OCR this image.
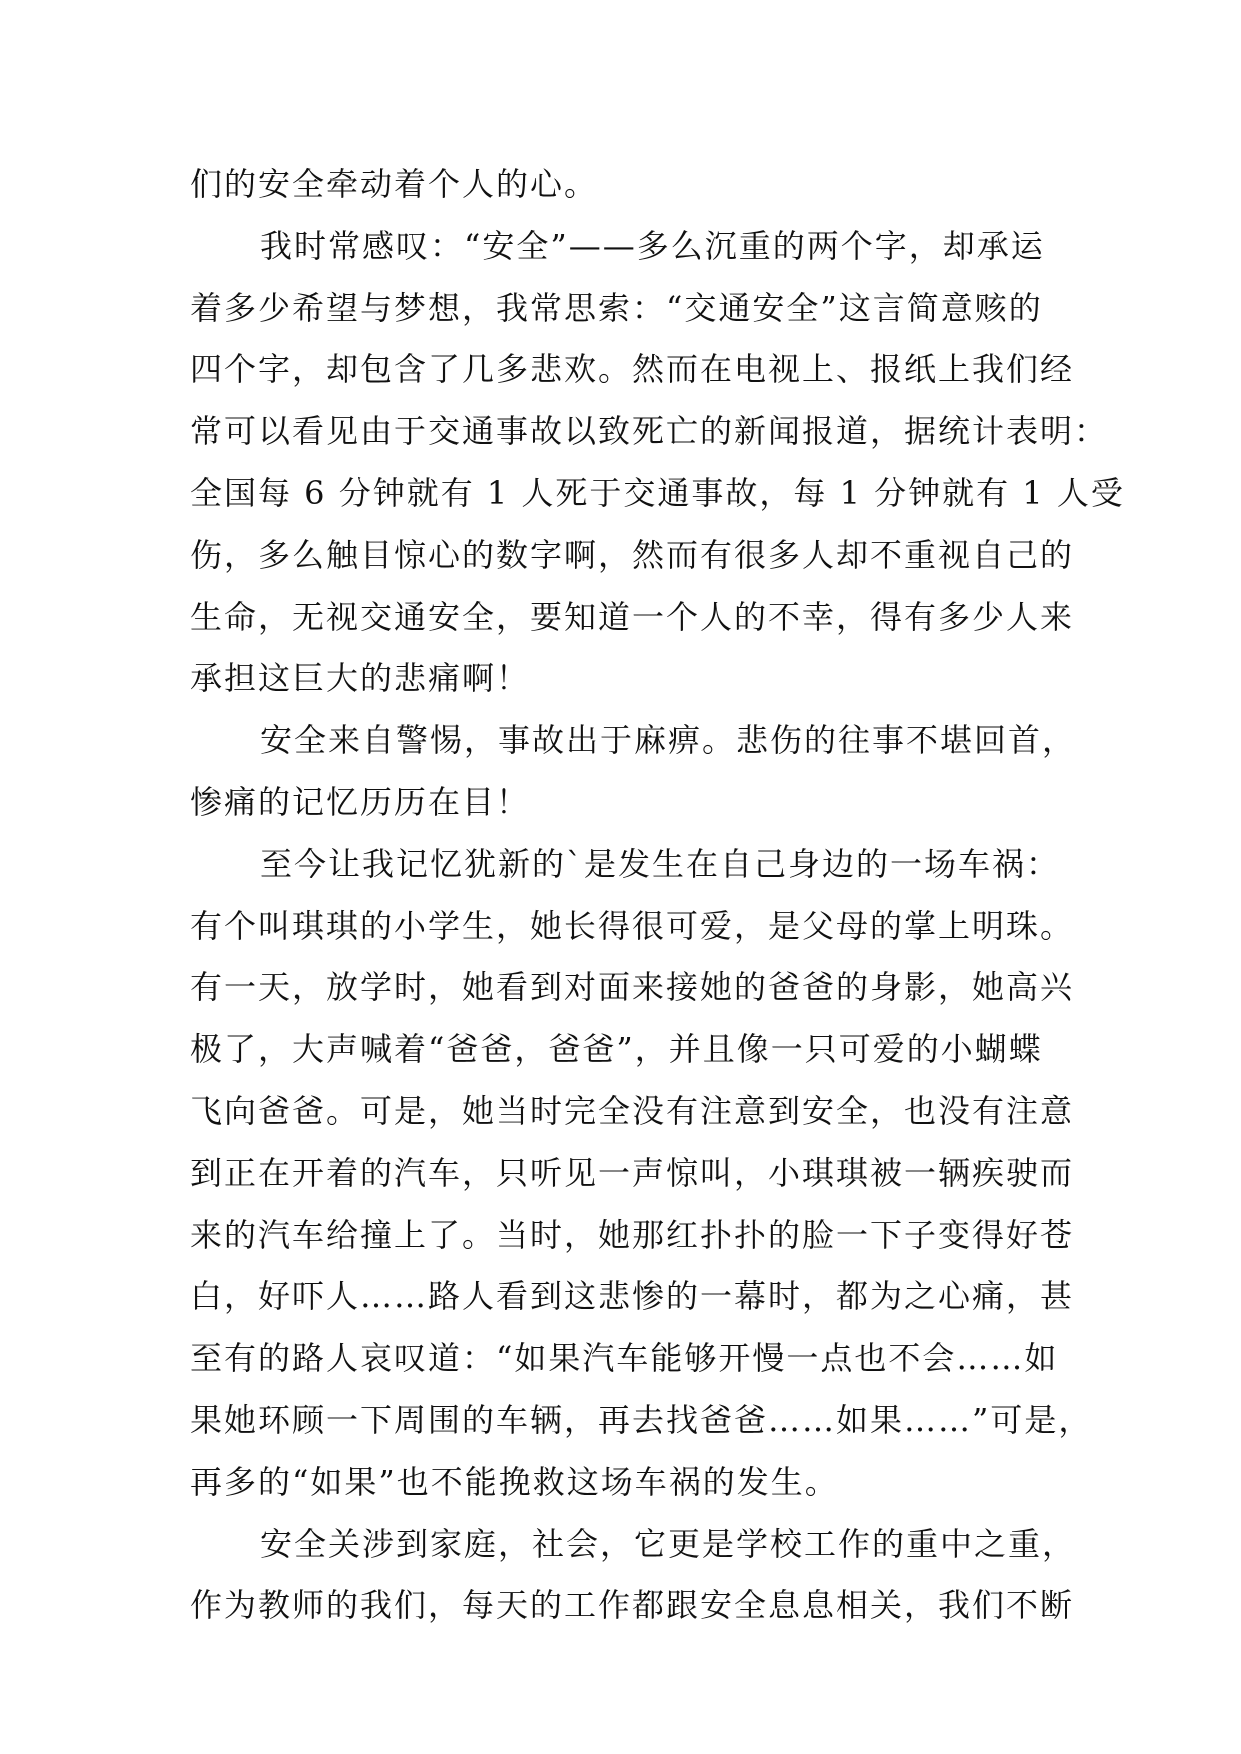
们的安全牵动着个人的心。
我时常感叹：“安全”——多么沉重的两个字，却承运
着多少希望与梦想，我常思索：“交通安全”这言简意赅的
四个字，却包含了几多悲欢。然而在电视上、报纸上我们经
常可以看见由于交通事故以致死亡的新闻报道，据统计表明：
全国每 6 分钟就有 1 人死于交通事故，每 1 分钟就有 1 人受
伤，多么触目惊心的数字啊，然而有很多人却不重视自己的
生命，无视交通安全，要知道一个人的不幸，得有多少人来
承担这巨大的悲痛啊！
安全来自警惕，事故出于麻痹。悲伤的往事不堪回首，
惨痛的记忆历历在目！
至今让我记忆犹新的`是发生在自己身边的一场车祸：
有个叫琪琪的小学生，她长得很可爱，是父母的掌上明珠。
有一天，放学时，她看到对面来接她的爸爸的身影，她高兴
极了，大声喊着“爸爸，爸爸”，并且像一只可爱的小蝴蝶
飞向爸爸。可是，她当时完全没有注意到安全，也没有注意
到正在开着的汽车，只听见一声惊叫，小琪琪被一辆疾驶而
来的汽车给撞上了。当时，她那红扑扑的脸一下子变得好苍
白，好吓人……路人看到这悲惨的一幕时，都为之心痛，甚
至有的路人哀叹道：“如果汽车能够开慢一点也不会……如
果她环顾一下周围的车辆，再去找爸爸……如果……”可是，
再多的“如果”也不能挽救这场车祸的发生。
安全关涉到家庭，社会，它更是学校工作的重中之重，
作为教师的我们，每天的工作都跟安全息息相关，我们不断
